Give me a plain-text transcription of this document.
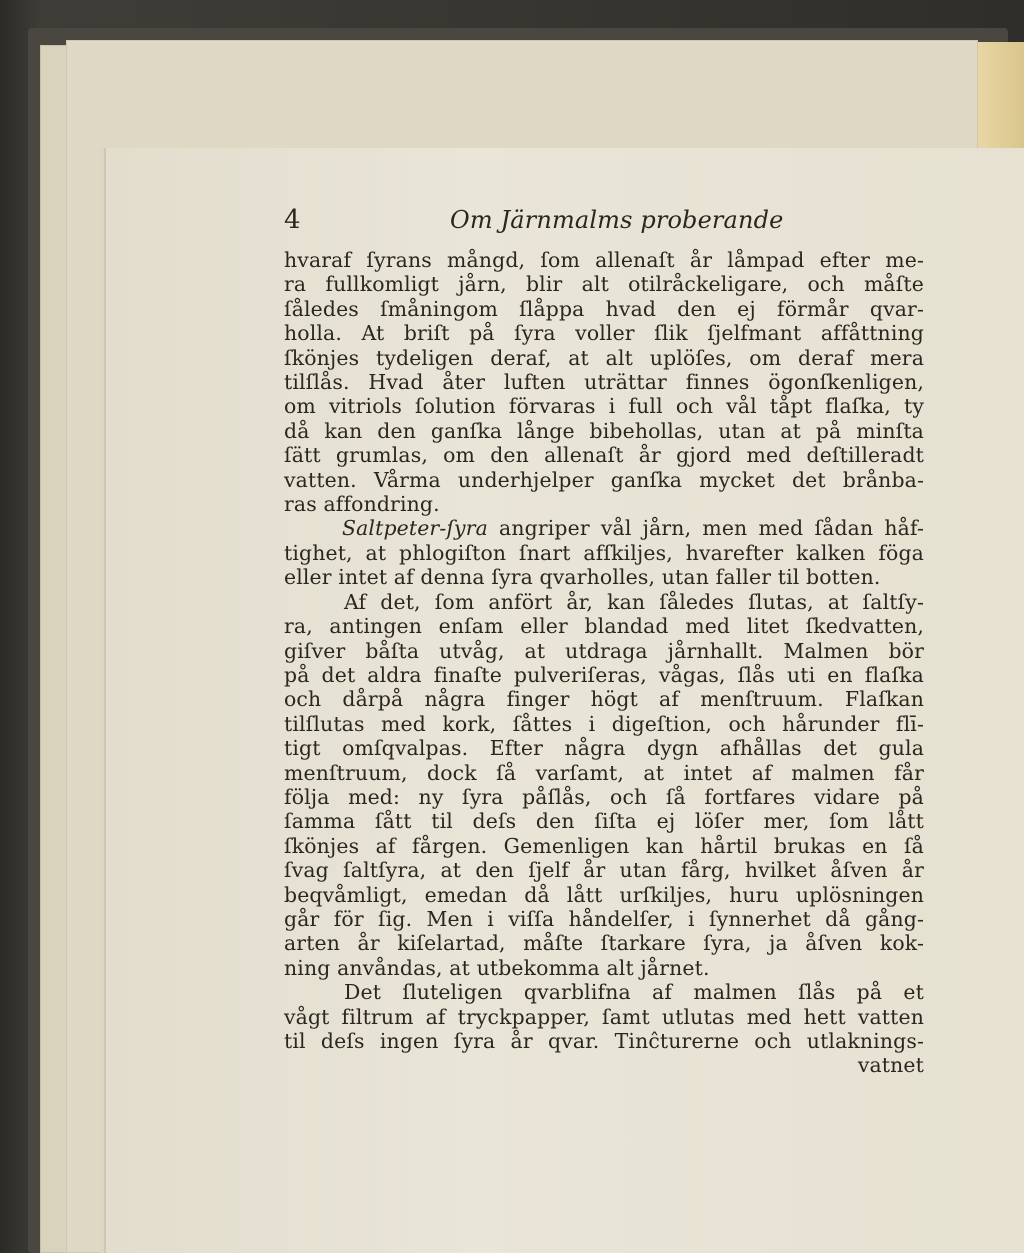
4	Om Järnmalms proberande

hvaraf ſyrans mångd, ſom allenaſt år låmpad efter me-

ra fullkomligt jårn, blir alt otilråckeligare, och måſte

ſåledes ſmåningom ſlåppa hvad den ej förmår qvar-

holla. At briſt på ſyra voller ſlik ſjelfmant affåttning

ſkönjes tydeligen deraf, at alt uplöſes, om deraf mera

tilſlås. Hvad åter luften uträttar finnes ögonſkenligen,

om vitriols ſolution förvaras i full och vål tåpt flaſka, ty

då kan den ganſka långe bibehollas, utan at på minſta

ſätt grumlas, om den allenaſt år gjord med deſtilleradt

vatten. Vårma underhjelper ganſka mycket det brånba-

ras affondring.

Saltpeter-ſyra angriper vål jårn, men med ſådan håf-

tighet, at phlogiſton ſnart afſkiljes, hvarefter kalken föga

eller intet af denna ſyra qvarholles, utan faller til botten.

Af det, ſom anfört år, kan ſåledes ſlutas, at ſaltſy-

ra, antingen enſam eller blandad med litet ſkedvatten,

giſver båſta utvåg, at utdraga jårnhallt. Malmen bör

på det aldra finaſte pulveriſeras, vågas, ſlås uti en flaſka

och dårpå några finger högt af menſtruum. Flaſkan

tilſlutas med kork, ſåttes i digeſtion, och hårunder flī-

tigt omſqvalpas. Efter några dygn afhållas det gula

menſtruum, dock ſå varſamt, at intet af malmen får

följa med: ny ſyra påſlås, och ſå fortfares vidare på

ſamma ſått til deſs den ſiſta ej löſer mer, ſom lått

ſkönjes af fårgen. Gemenligen kan hårtil brukas en ſå

ſvag ſaltſyra, at den ſjelf år utan fårg, hvilket åſven år

beqvåmligt, emedan då lått urſkiljes, huru uplösningen

går för ſig. Men i viſſa håndelſer, i ſynnerhet då gång-

arten år kiſelartad, måſte ſtarkare ſyra, ja åſven kok-

ning anvåndas, at utbekomma alt jårnet.

Det ſluteligen qvarblifna af malmen ſlås på et

vågt filtrum af tryckpapper, ſamt utlutas med hett vatten

til deſs ingen ſyra år qvar. Tinĉturerne och utlaknings-

vatnet
